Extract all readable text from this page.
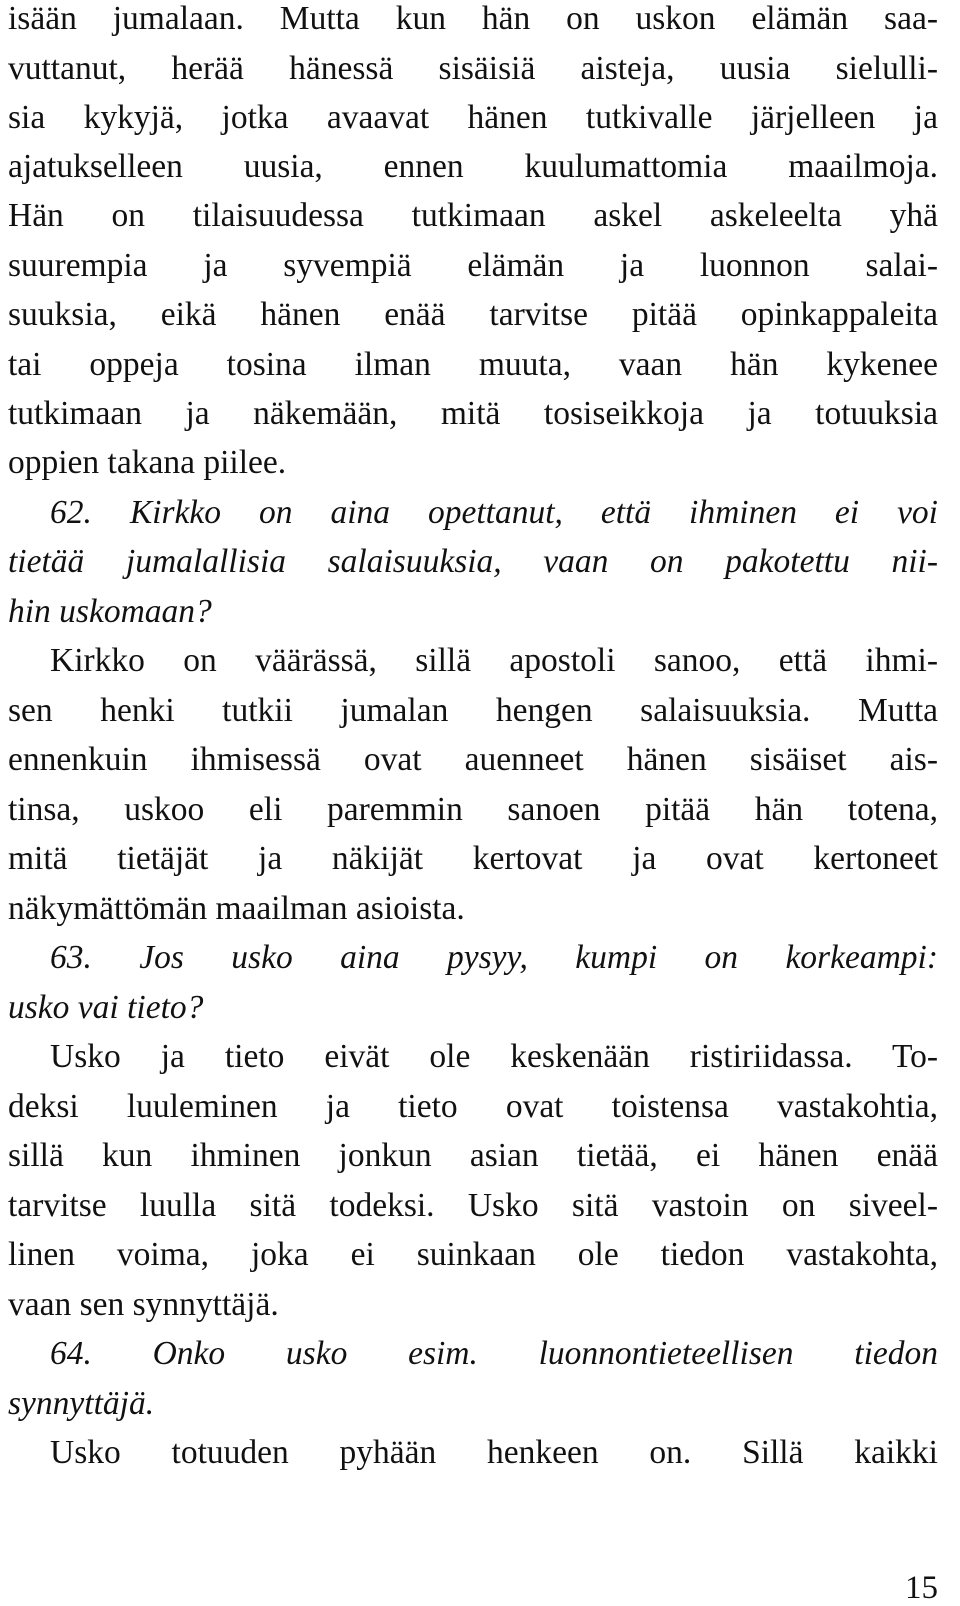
isään jumalaan. Mutta kun hän on uskon elämän saa-
vuttanut, herää hänessä sisäisiä aisteja, uusia sielulli-
sia kykyjä, jotka avaavat hänen tutkivalle järjelleen ja
ajatukselleen uusia, ennen kuulumattomia maailmoja.
Hän on tilaisuudessa tutkimaan askel askeleelta yhä
suurempia ja syvempiä elämän ja luonnon salai-
suuksia, eikä hänen enää tarvitse pitää opinkappaleita
tai oppeja tosina ilman muuta, vaan hän kykenee
tutkimaan ja näkemään, mitä tosiseikkoja ja totuuksia
oppien takana piilee.
62. Kirkko on aina opettanut, että ihminen ei voi
tietää jumalallisia salaisuuksia, vaan on pakotettu nii-
hin uskomaan?
Kirkko on väärässä, sillä apostoli sanoo, että ihmi-
sen henki tutkii jumalan hengen salaisuuksia. Mutta
ennenkuin ihmisessä ovat auenneet hänen sisäiset ais-
tinsa, uskoo eli paremmin sanoen pitää hän totena,
mitä tietäjät ja näkijät kertovat ja ovat kertoneet
näkymättömän maailman asioista.
63. Jos usko aina pysyy, kumpi on korkeampi:
usko vai tieto?
Usko ja tieto eivät ole keskenään ristiriidassa. To-
deksi luuleminen ja tieto ovat toistensa vastakohtia,
sillä kun ihminen jonkun asian tietää, ei hänen enää
tarvitse luulla sitä todeksi. Usko sitä vastoin on siveel-
linen voima, joka ei suinkaan ole tiedon vastakohta,
vaan sen synnyttäjä.
64. Onko usko esim. luonnontieteellisen tiedon
synnyttäjä.
Usko totuuden pyhään henkeen on. Sillä kaikki
15
